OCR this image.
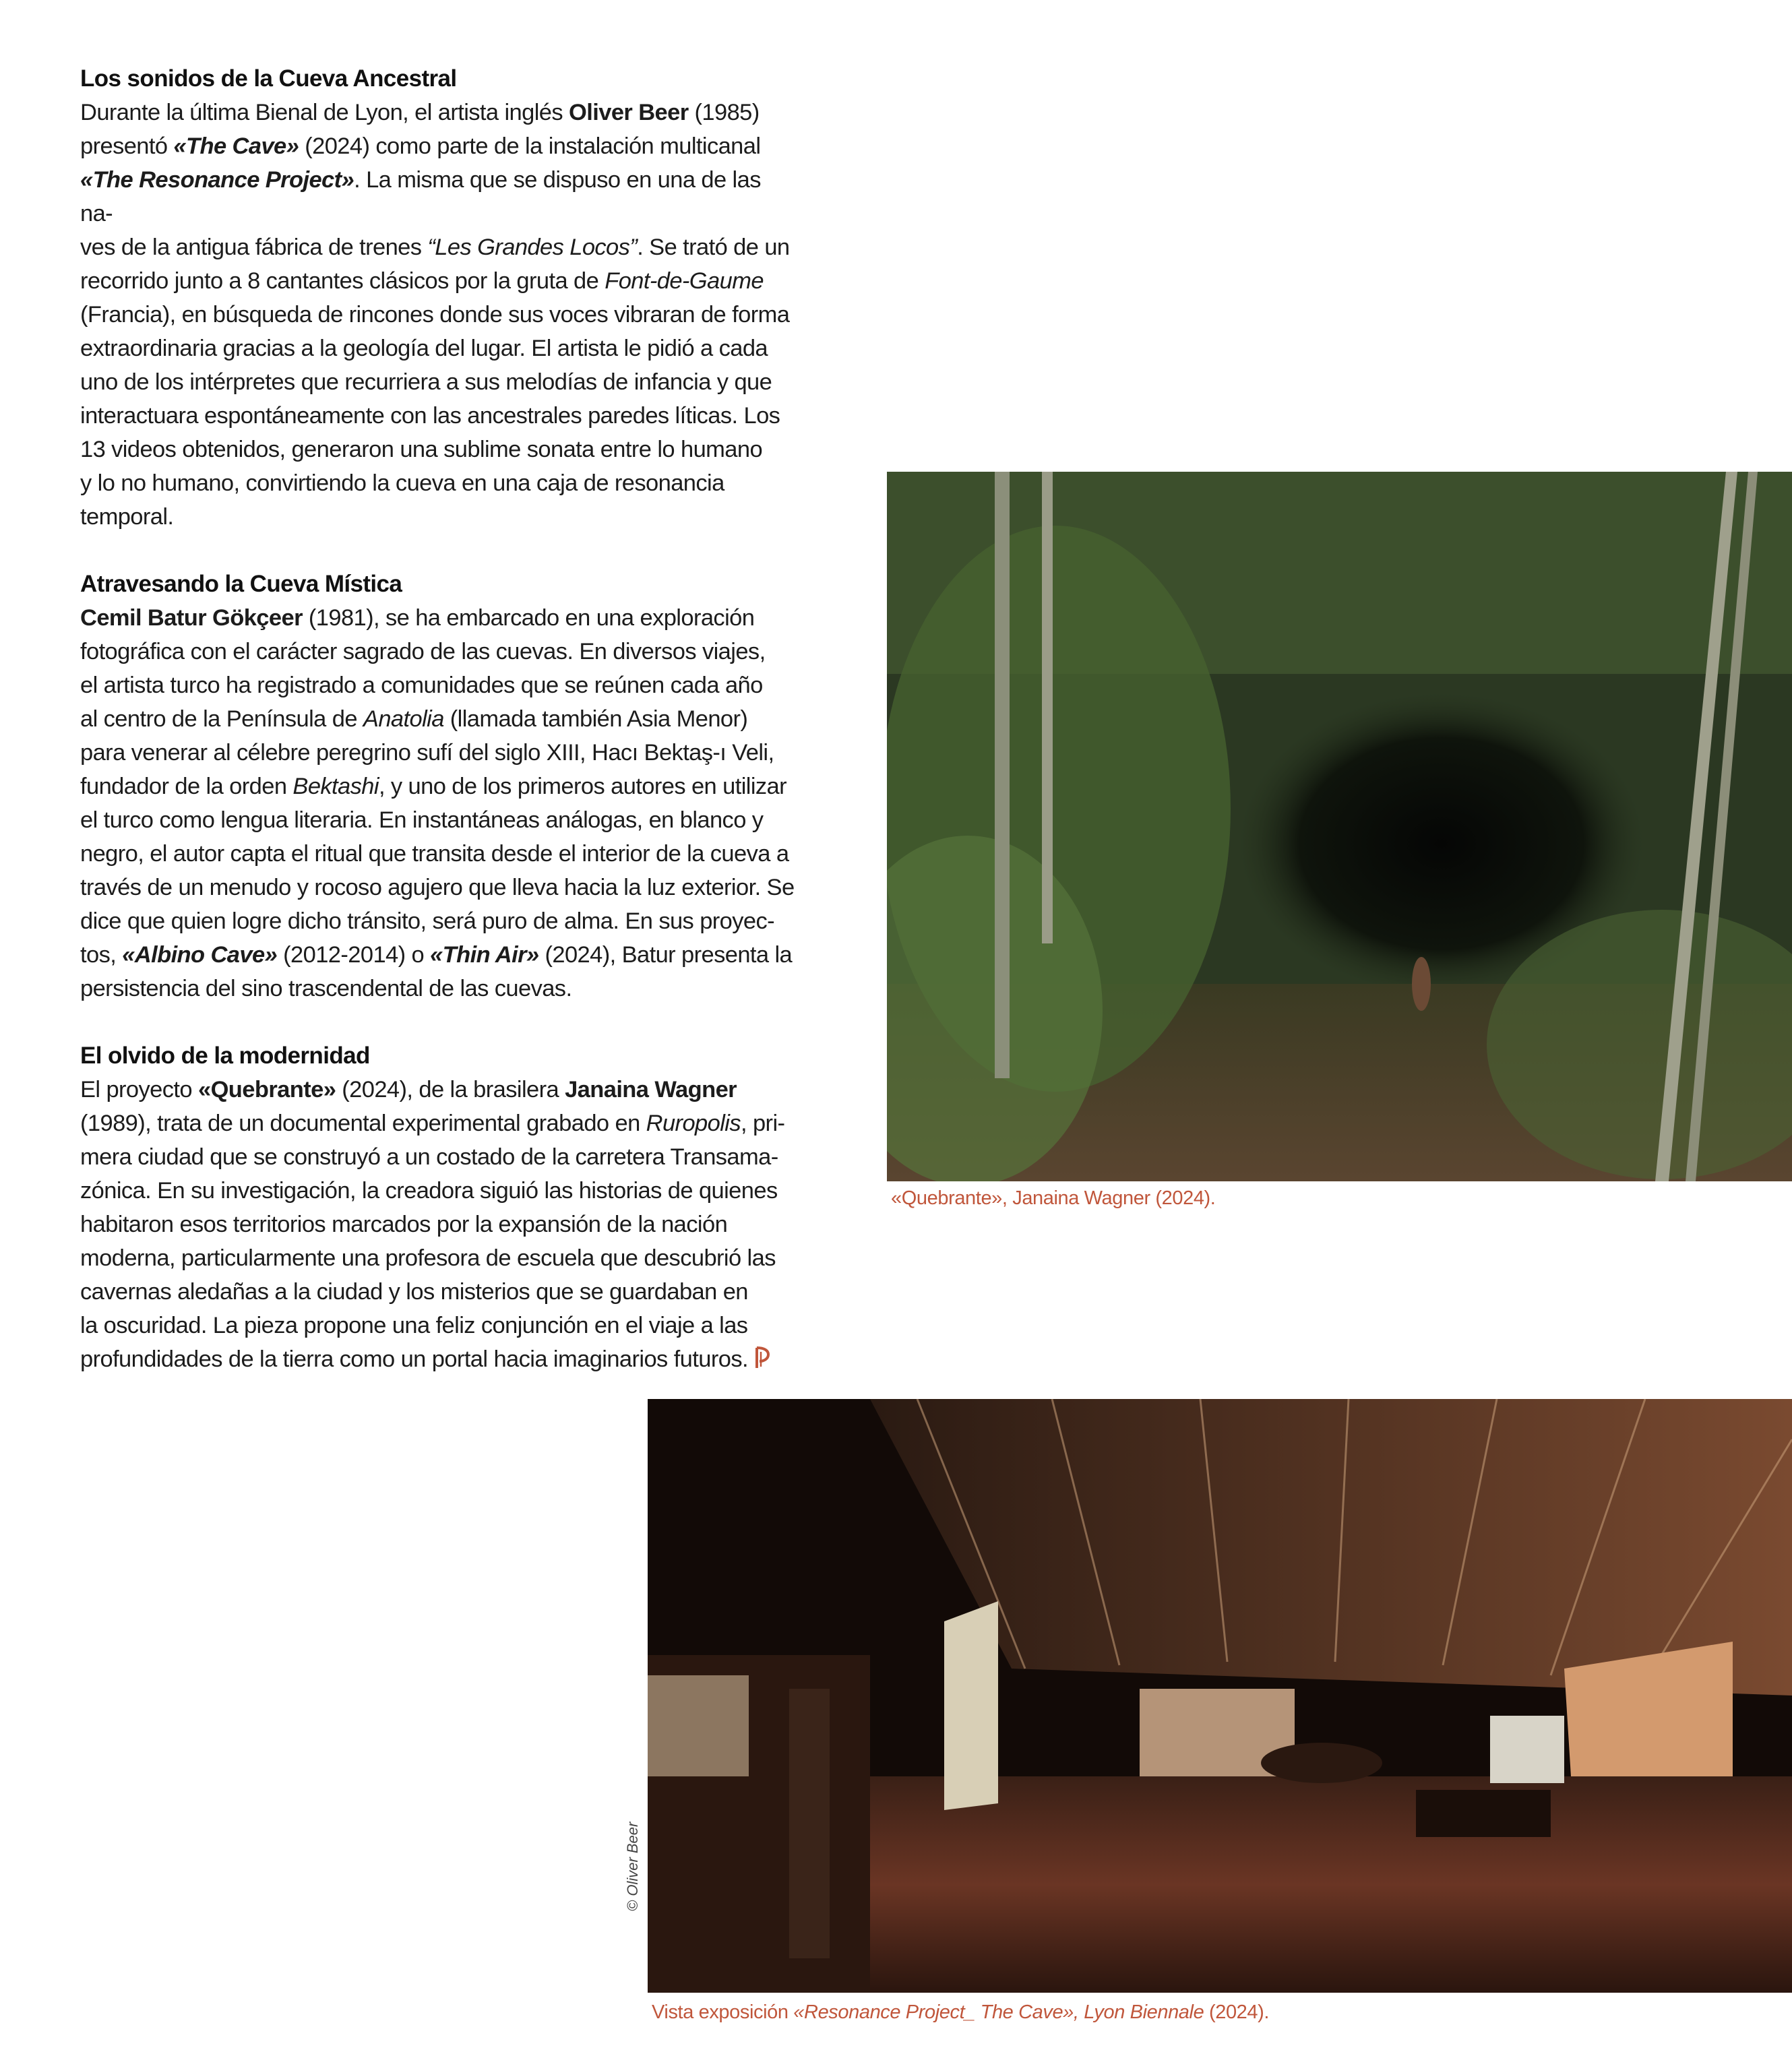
Los sonidos de la Cueva Ancestral

Durante la última Bienal de Lyon, el artista inglés Oliver Beer (1985)
presentó «The Cave» (2024) como parte de la instalación multicanal
«The Resonance Project». La misma que se dispuso en una de las na-
ves de la antigua fábrica de trenes “Les Grandes Locos”. Se trató de un
recorrido junto a 8 cantantes clásicos por la gruta de Font-de-Gaume
(Francia), en búsqueda de rincones donde sus voces vibraran de forma
extraordinaria gracias a la geología del lugar. El artista le pidió a cada
uno de los intérpretes que recurriera a sus melodías de infancia y que
interactuara espontáneamente con las ancestrales paredes líticas. Los
13 videos obtenidos, generaron una sublime sonata entre lo humano
y lo no humano, convirtiendo la cueva en una caja de resonancia
temporal.

Atravesando la Cueva Mística

Cemil Batur Gökçeer (1981), se ha embarcado en una exploración
fotográfica con el carácter sagrado de las cuevas. En diversos viajes,
el artista turco ha registrado a comunidades que se reúnen cada año
al centro de la Península de Anatolia (llamada también Asia Menor)
para venerar al célebre peregrino sufí del siglo XIII, Hacı Bektaş-ı Veli,
fundador de la orden Bektashi, y uno de los primeros autores en utilizar
el turco como lengua literaria. En instantáneas análogas, en blanco y
negro, el autor capta el ritual que transita desde el interior de la cueva a
través de un menudo y rocoso agujero que lleva hacia la luz exterior. Se
dice que quien logre dicho tránsito, será puro de alma. En sus proyec-
tos, «Albino Cave» (2012-2014) o «Thin Air» (2024), Batur presenta la
persistencia del sino trascendental de las cuevas.

El olvido de la modernidad

El proyecto «Quebrante» (2024), de la brasilera Janaina Wagner
(1989), trata de un documental experimental grabado en Ruropolis, pri-
mera ciudad que se construyó a un costado de la carretera Transama-
zónica. En su investigación, la creadora siguió las historias de quienes
habitaron esos territorios marcados por la expansión de la nación
moderna, particularmente una profesora de escuela que descubrió las
cavernas aledañas a la ciudad y los misterios que se guardaban en
la oscuridad. La pieza propone una feliz conjunción en el viaje a las
profundidades de la tierra como un portal hacia imaginarios futuros.

«Quebrante», Janaina Wagner (2024).
© Oliver Beer
Vista exposición «Resonance Project_ The Cave», Lyon Biennale (2024).
